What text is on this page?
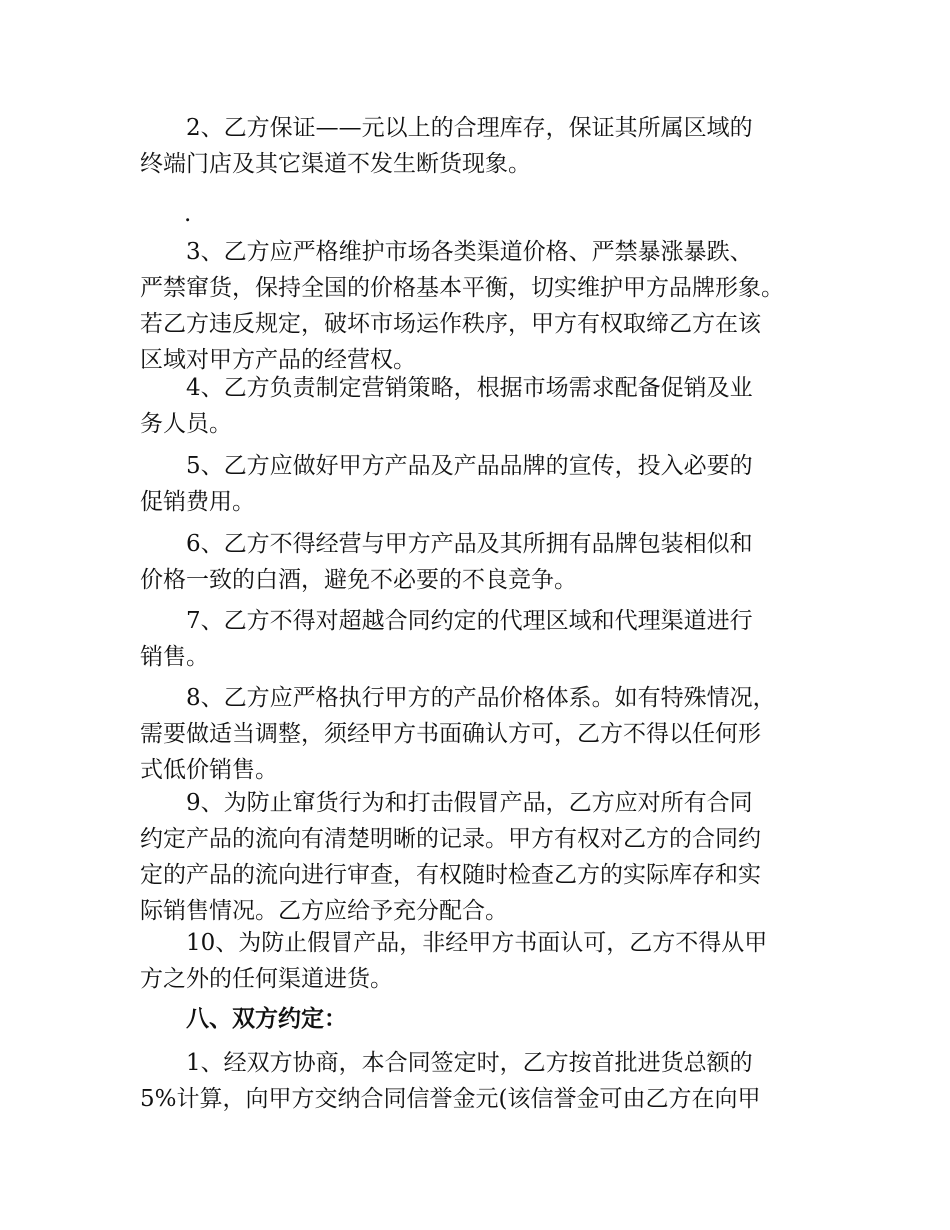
2、乙方保证——元以上的合理库存，保证其所属区域的
终端门店及其它渠道不发生断货现象。

.

3、乙方应严格维护市场各类渠道价格、严禁暴涨暴跌、
严禁窜货，保持全国的价格基本平衡，切实维护甲方品牌形象。
若乙方违反规定，破坏市场运作秩序，甲方有权取缔乙方在该
区域对甲方产品的经营权。

4、乙方负责制定营销策略，根据市场需求配备促销及业
务人员。

5、乙方应做好甲方产品及产品品牌的宣传，投入必要的
促销费用。

6、乙方不得经营与甲方产品及其所拥有品牌包装相似和
价格一致的白酒，避免不必要的不良竞争。

7、乙方不得对超越合同约定的代理区域和代理渠道进行
销售。

8、乙方应严格执行甲方的产品价格体系。如有特殊情况，
需要做适当调整，须经甲方书面确认方可，乙方不得以任何形
式低价销售。

9、为防止窜货行为和打击假冒产品，乙方应对所有合同
约定产品的流向有清楚明晰的记录。甲方有权对乙方的合同约
定的产品的流向进行审查，有权随时检查乙方的实际库存和实
际销售情况。乙方应给予充分配合。

10、为防止假冒产品，非经甲方书面认可，乙方不得从甲
方之外的任何渠道进货。

八、双方约定：

1、经双方协商，本合同签定时，乙方按首批进货总额的
5%计算，向甲方交纳合同信誉金元(该信誉金可由乙方在向甲
